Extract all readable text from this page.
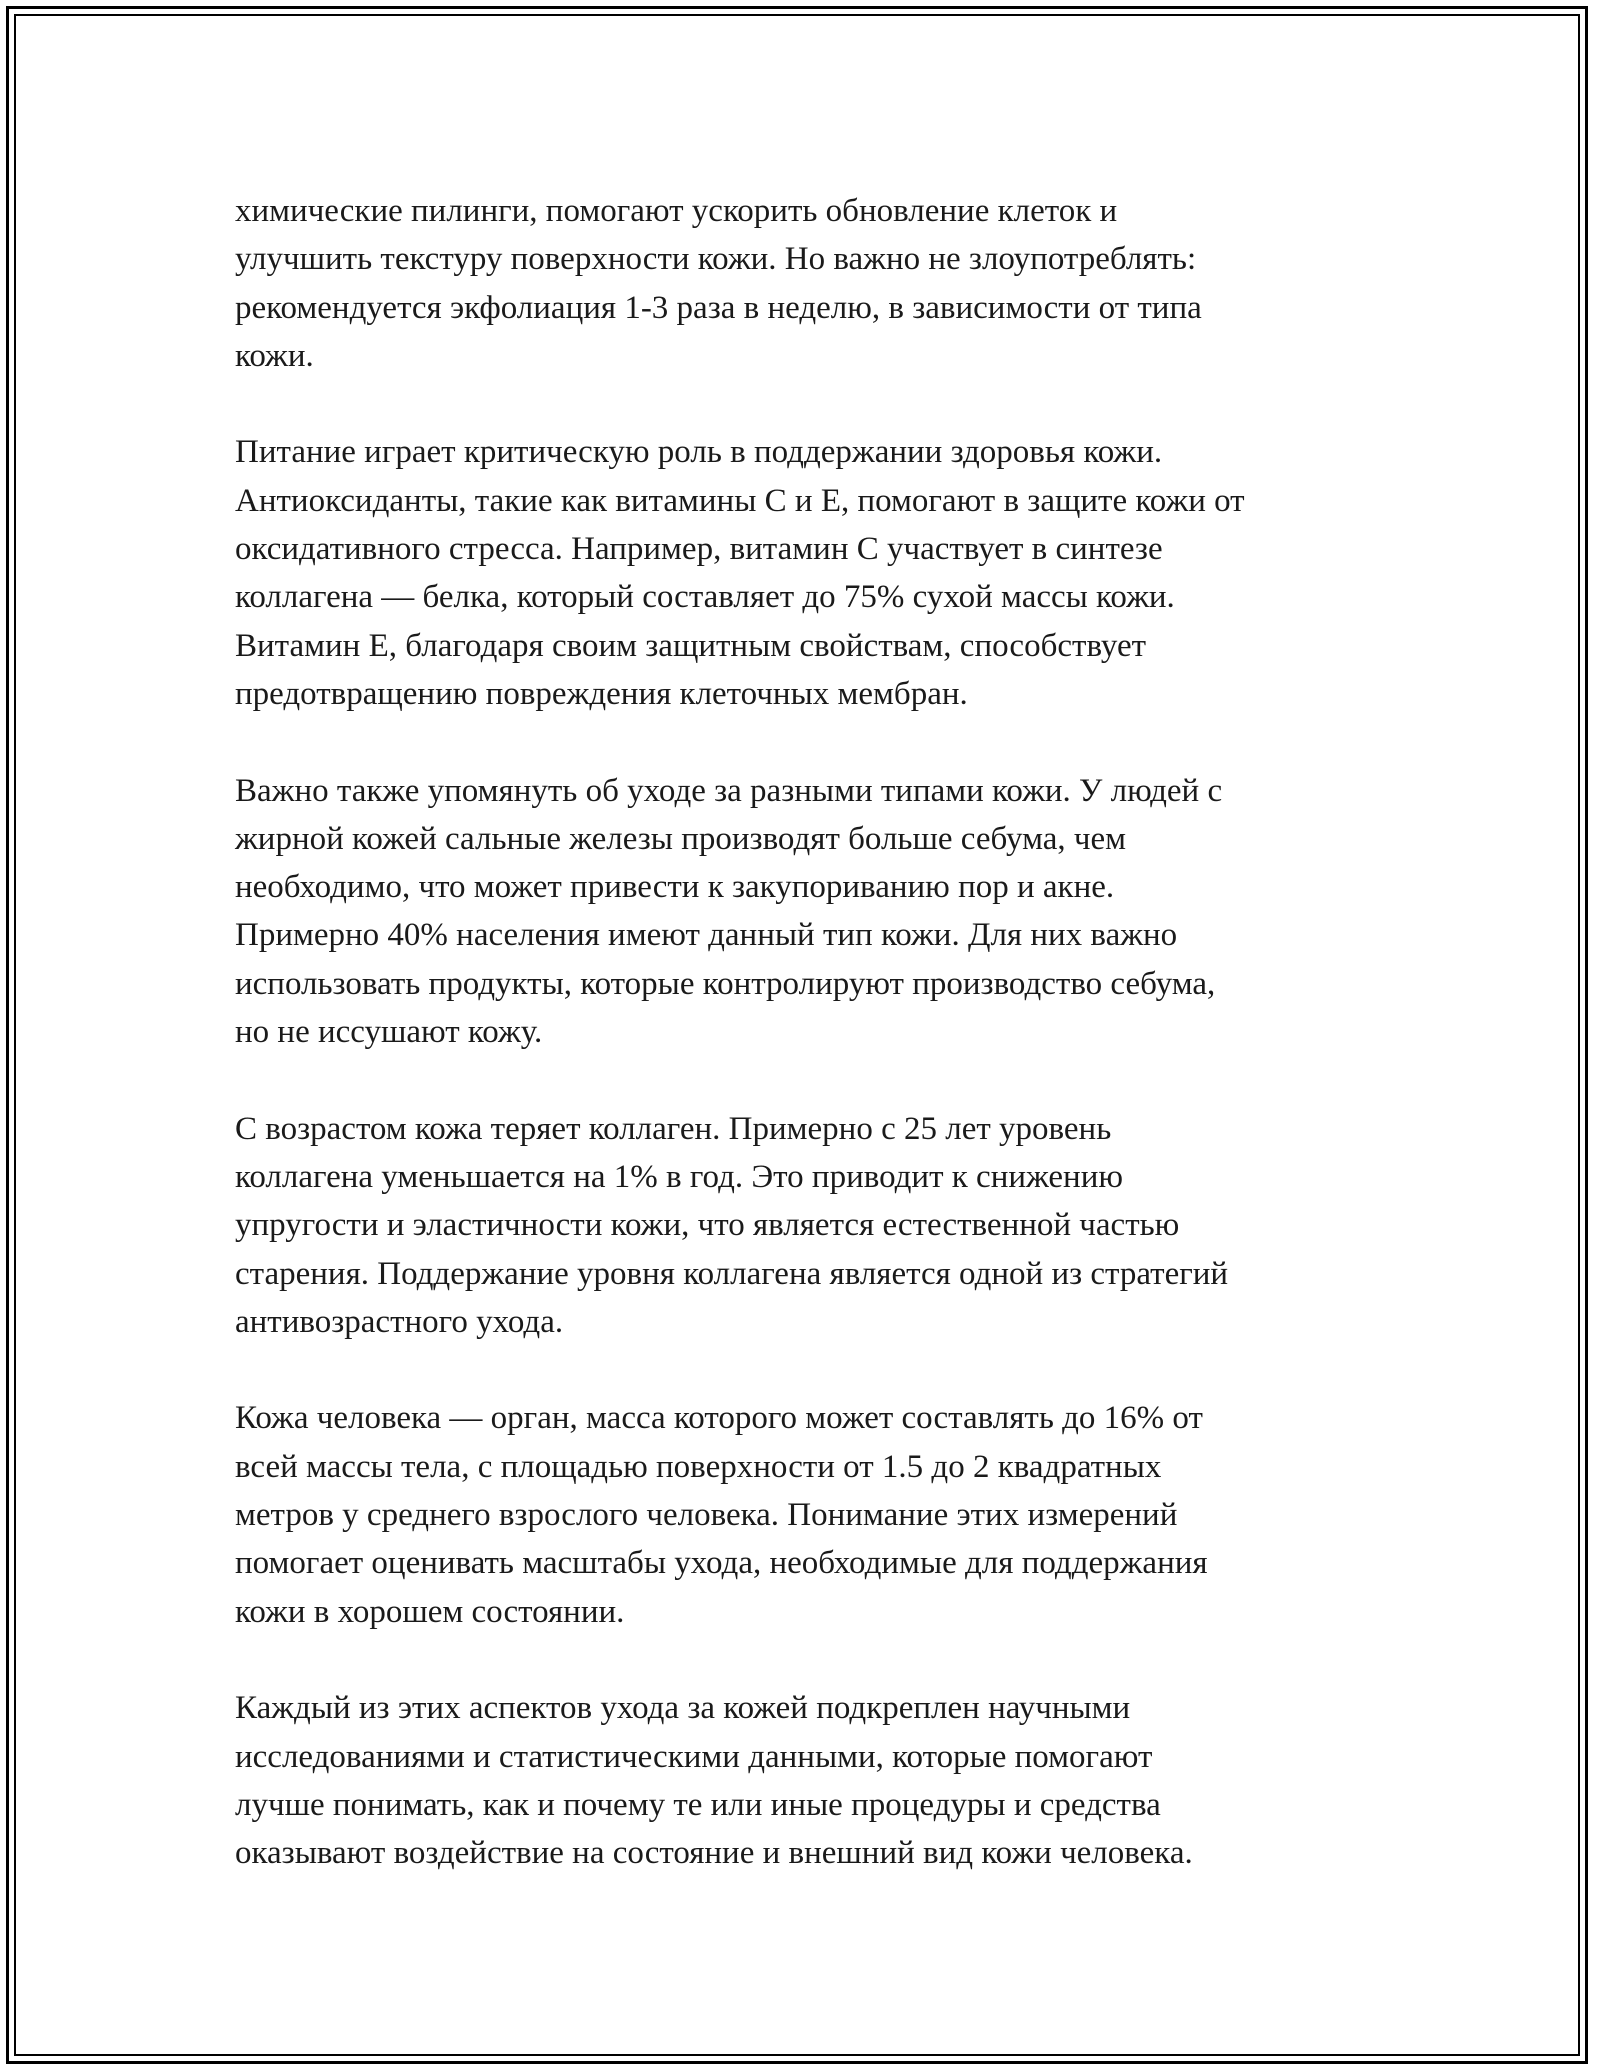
химические пилинги, помогают ускорить обновление клеток и
улучшить текстуру поверхности кожи. Но важно не злоупотреблять:
рекомендуется экфолиация 1-3 раза в неделю, в зависимости от типа
кожи.

Питание играет критическую роль в поддержании здоровья кожи.
Антиоксиданты, такие как витамины C и E, помогают в защите кожи от
оксидативного стресса. Например, витамин C участвует в синтезе
коллагена — белка, который составляет до 75% сухой массы кожи.
Витамин E, благодаря своим защитным свойствам, способствует
предотвращению повреждения клеточных мембран.

Важно также упомянуть об уходе за разными типами кожи. У людей с
жирной кожей сальные железы производят больше себума, чем
необходимо, что может привести к закупориванию пор и акне.
Примерно 40% населения имеют данный тип кожи. Для них важно
использовать продукты, которые контролируют производство себума,
но не иссушают кожу.

С возрастом кожа теряет коллаген. Примерно с 25 лет уровень
коллагена уменьшается на 1% в год. Это приводит к снижению
упругости и эластичности кожи, что является естественной частью
старения. Поддержание уровня коллагена является одной из стратегий
антивозрастного ухода.

Кожа человека — орган, масса которого может составлять до 16% от
всей массы тела, с площадью поверхности от 1.5 до 2 квадратных
метров у среднего взрослого человека. Понимание этих измерений
помогает оценивать масштабы ухода, необходимые для поддержания
кожи в хорошем состоянии.

Каждый из этих аспектов ухода за кожей подкреплен научными
исследованиями и статистическими данными, которые помогают
лучше понимать, как и почему те или иные процедуры и средства
оказывают воздействие на состояние и внешний вид кожи человека.
